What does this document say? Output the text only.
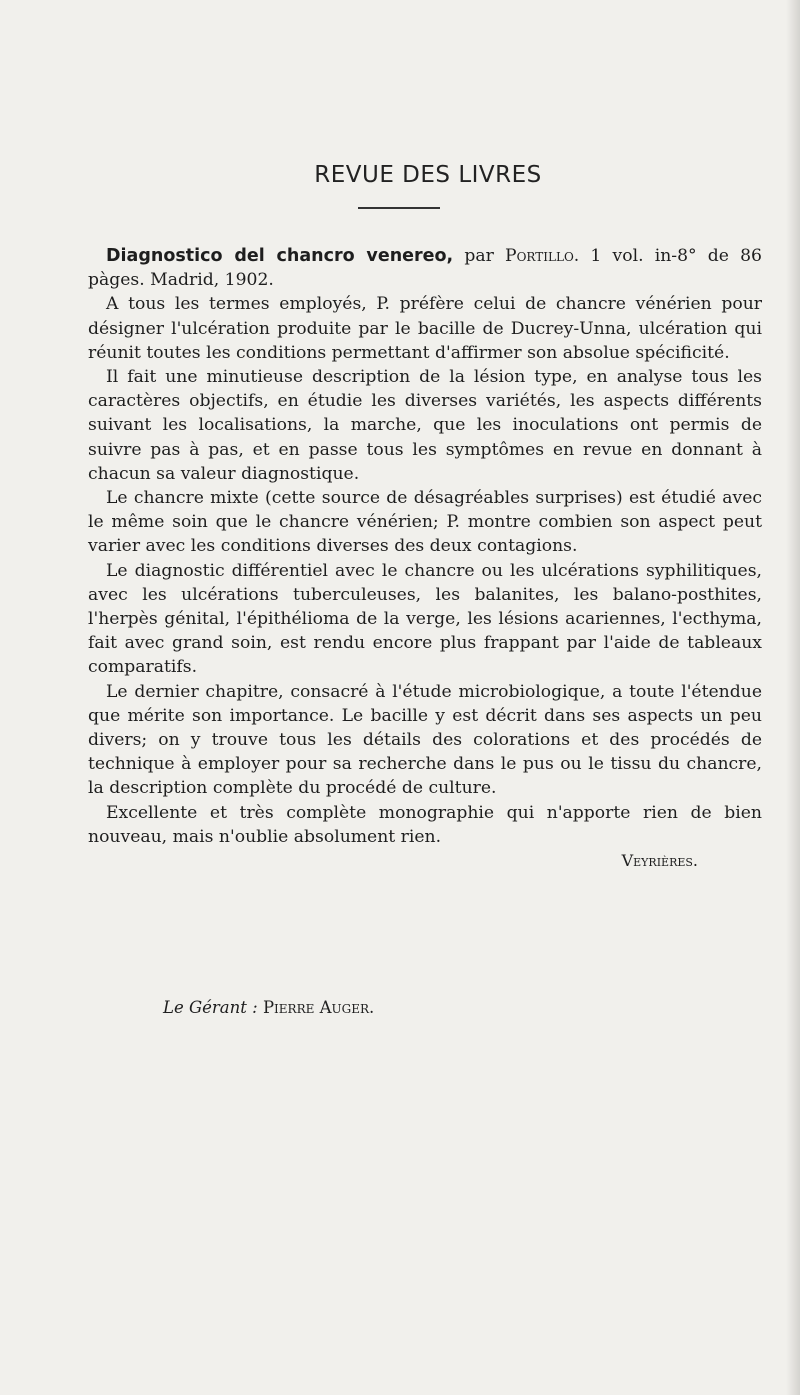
REVUE DES LIVRES

Diagnostico del chancro venereo, par Portillo. 1 vol. in-8° de 86 pàges. Madrid, 1902.

A tous les termes employés, P. préfère celui de chancre vénérien pour désigner l'ulcération produite par le bacille de Ducrey-Unna, ulcération qui réunit toutes les conditions permettant d'affirmer son absolue spécificité.

Il fait une minutieuse description de la lésion type, en analyse tous les caractères objectifs, en étudie les diverses variétés, les aspects différents suivant les localisations, la marche, que les inoculations ont permis de suivre pas à pas, et en passe tous les symptômes en revue en donnant à chacun sa valeur diagnostique.

Le chancre mixte (cette source de désagréables surprises) est étudié avec le même soin que le chancre vénérien; P. montre combien son aspect peut varier avec les conditions diverses des deux contagions.

Le diagnostic différentiel avec le chancre ou les ulcérations syphilitiques, avec les ulcérations tuberculeuses, les balanites, les balano-posthites, l'herpès génital, l'épithélioma de la verge, les lésions acariennes, l'ecthyma, fait avec grand soin, est rendu encore plus frappant par l'aide de tableaux comparatifs.

Le dernier chapitre, consacré à l'étude microbiologique, a toute l'étendue que mérite son importance. Le bacille y est décrit dans ses aspects un peu divers; on y trouve tous les détails des colorations et des procédés de technique à employer pour sa recherche dans le pus ou le tissu du chancre, la description complète du procédé de culture.

Excellente et très complète monographie qui n'apporte rien de bien nouveau, mais n'oublie absolument rien.

Veyrières.
Le Gérant : Pierre Auger.
